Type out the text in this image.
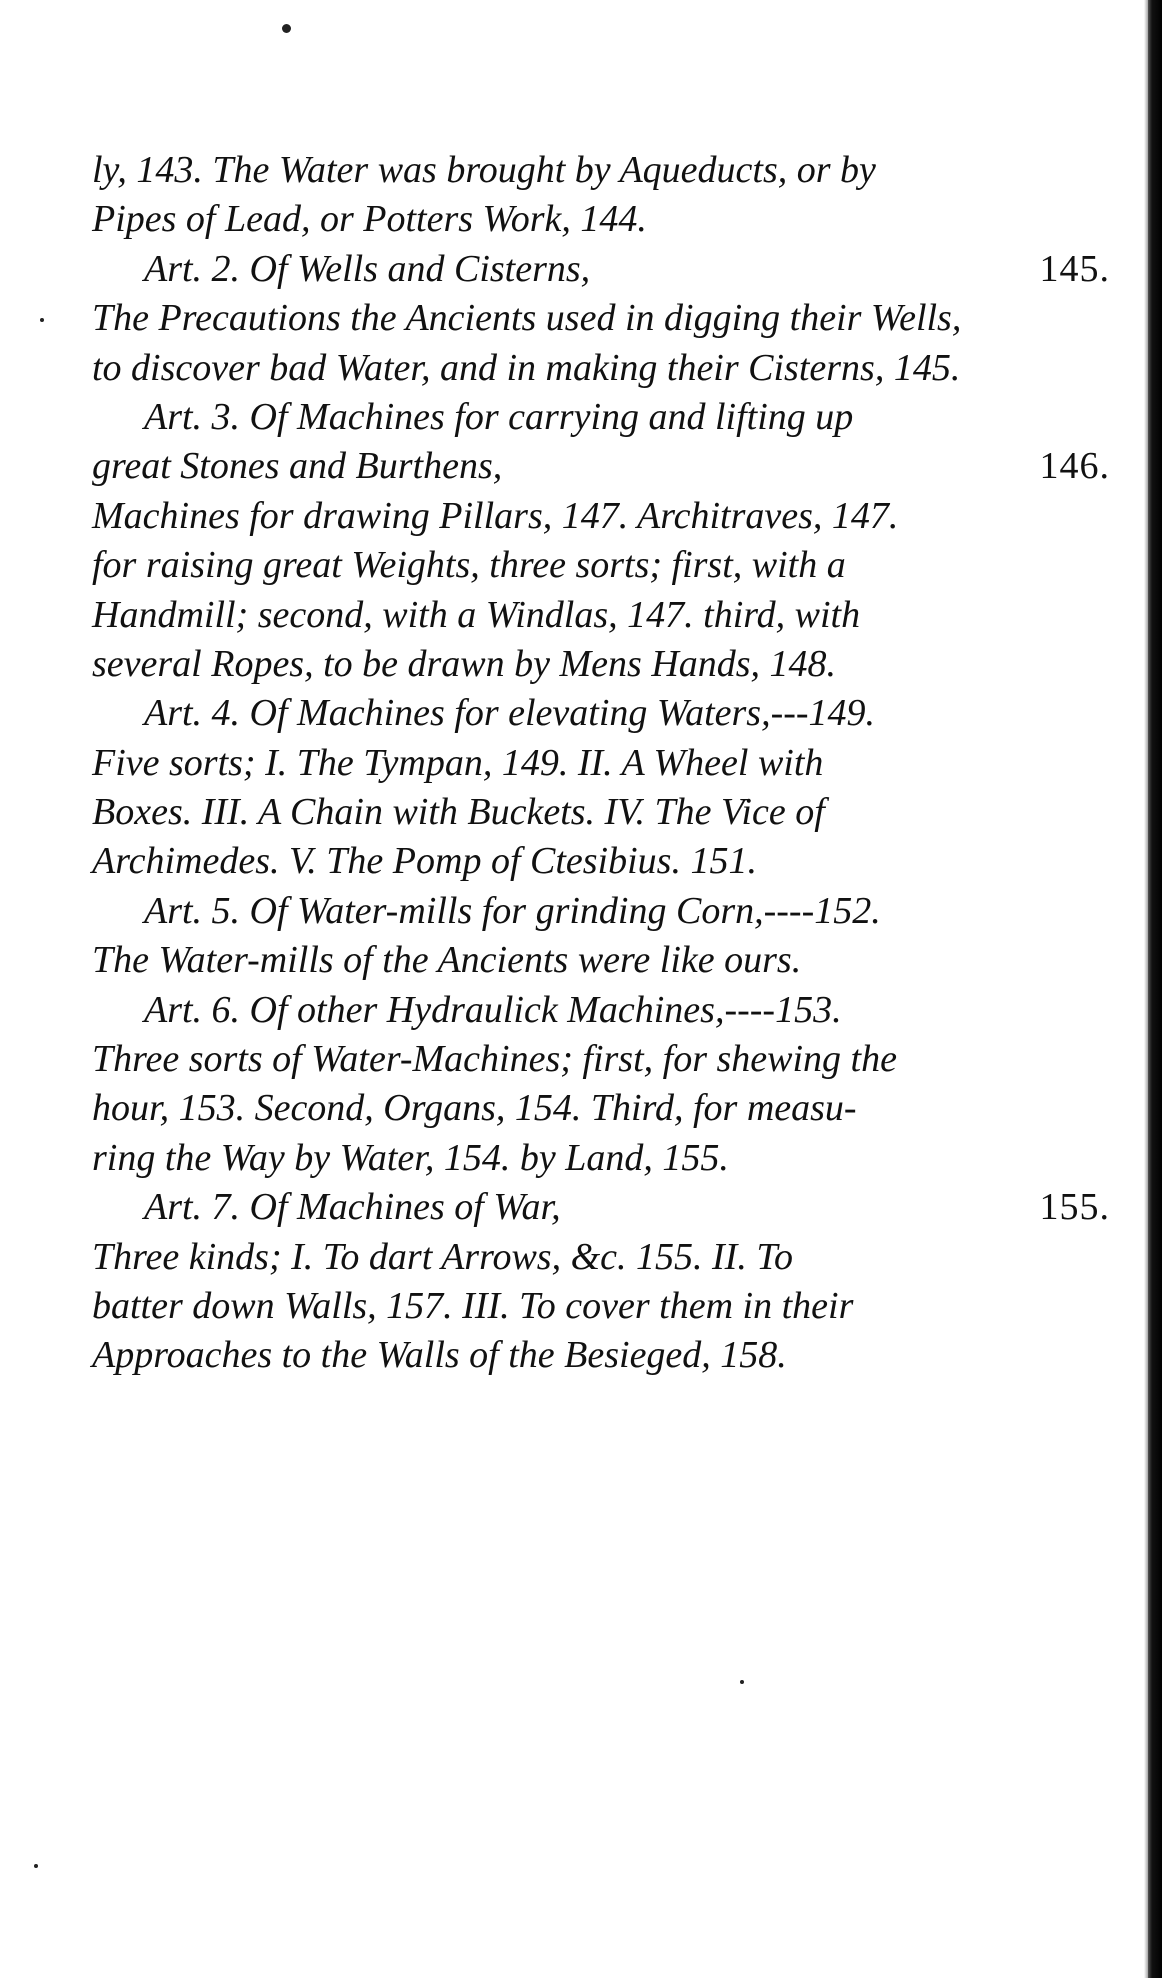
ly, 143. The Water was brought by Aqueducts, or by
Pipes of Lead, or Potters Work, 144.
Art. 2. Of Wells and Cisterns,	145.
The Precautions the Ancients used in digging their Wells,
to discover bad Water, and in making their Cisterns, 145.
Art. 3. Of Machines for carrying and lifting up
great Stones and Burthens,	146.
Machines for drawing Pillars, 147. Architraves, 147.
for raising great Weights, three sorts; first, with a
Handmill; second, with a Windlas, 147. third, with
several Ropes, to be drawn by Mens Hands, 148.
Art. 4. Of Machines for elevating Waters,---149.
Five sorts; I. The Tympan, 149. II. A Wheel with
Boxes. III. A Chain with Buckets. IV. The Vice of
Archimedes. V. The Pomp of Ctesibius. 151.
Art. 5. Of Water-mills for grinding Corn,----152.
The Water-mills of the Ancients were like ours.
Art. 6. Of other Hydraulick Machines,----153.
Three sorts of Water-Machines; first, for shewing the
hour, 153. Second, Organs, 154. Third, for measu-
ring the Way by Water, 154. by Land, 155.
Art. 7. Of Machines of War,	155.
Three kinds; I. To dart Arrows, &c. 155. II. To
batter down Walls, 157. III. To cover them in their
Approaches to the Walls of the Besieged, 158.
